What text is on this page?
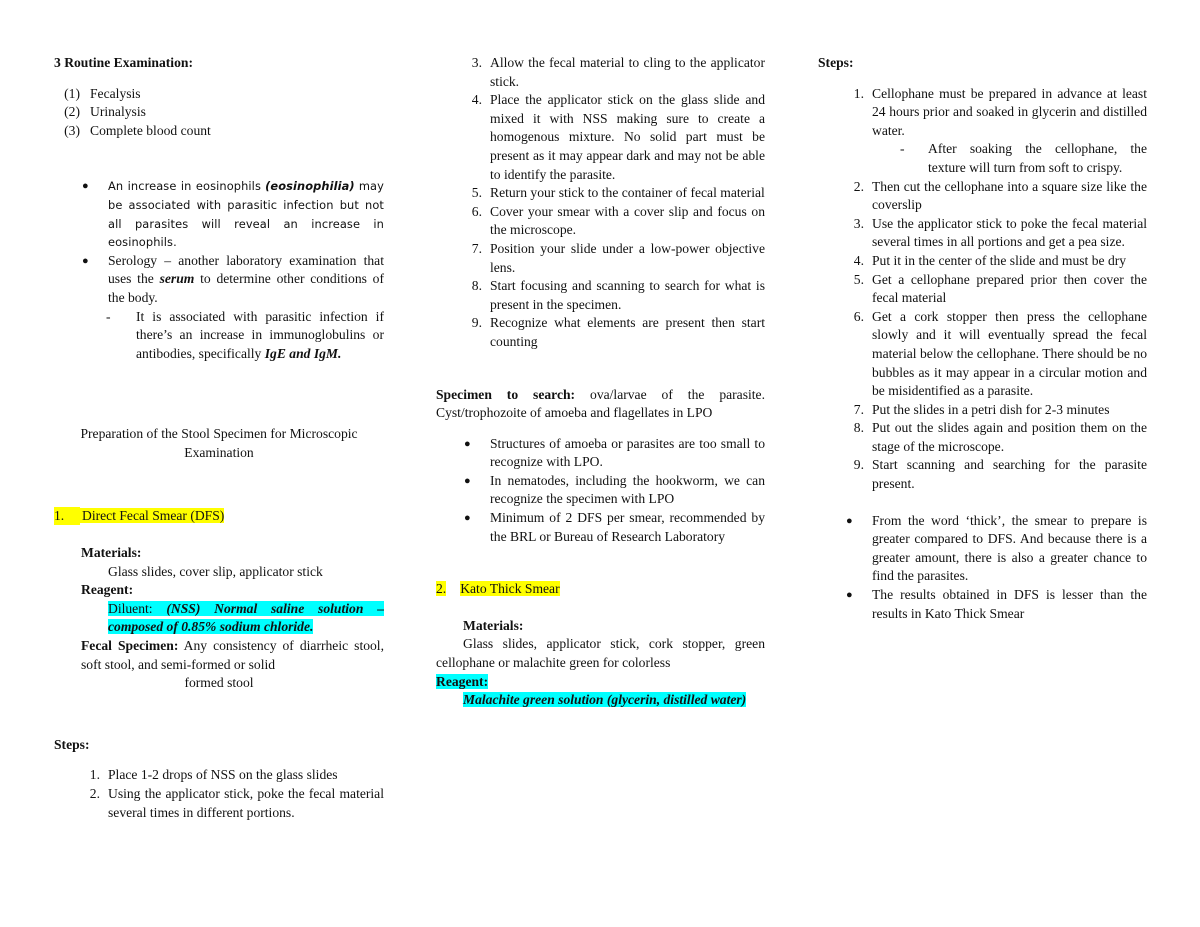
3 Routine Examination:

(1) Fecalysis
(2) Urinalysis
(3) Complete blood count
● An increase in eosinophils (eosinophilia) may be associated with parasitic infection but not all parasites will reveal an increase in eosinophils.
● Serology – another laboratory examination that uses the serum to determine other conditions of the body.
- It is associated with parasitic infection if there’s an increase in immunoglobulins or antibodies, specifically IgE and IgM.

Preparation of the Stool Specimen for Microscopic Examination

1. Direct Fecal Smear (DFS)

Materials:

Glass slides, cover slip, applicator stick

Reagent:

Diluent: (NSS) Normal saline solution – composed of 0.85% sodium chloride.

Fecal Specimen: Any consistency of diarrheic stool, soft stool, and semi-formed or solid

formed stool

Steps:

1. Place 1-2 drops of NSS on the glass slides
2. Using the applicator stick, poke the fecal material several times in different portions.
3. Allow the fecal material to cling to the applicator stick.
4. Place the applicator stick on the glass slide and mixed it with NSS making sure to create a homogenous mixture. No solid part must be present as it may appear dark and may not be able to identify the parasite.
5. Return your stick to the container of fecal material
6. Cover your smear with a cover slip and focus on the microscope.
7. Position your slide under a low-power objective lens.
8. Start focusing and scanning to search for what is present in the specimen.
9. Recognize what elements are present then start counting

Specimen to search: ova/larvae of the parasite. Cyst/trophozoite of amoeba and flagellates in LPO

● Structures of amoeba or parasites are too small to recognize with LPO.
● In nematodes, including the hookworm, we can recognize the specimen with LPO
● Minimum of 2 DFS per smear, recommended by the BRL or Bureau of Research Laboratory

2. Kato Thick Smear

Materials:

Glass slides, applicator stick, cork stopper, green cellophane or malachite green for colorless

Reagent:

Malachite green solution (glycerin, distilled water)

Steps:

1. Cellophane must be prepared in advance at least 24 hours prior and soaked in glycerin and distilled water.
-	After soaking the cellophane, the texture will turn from soft to crispy.
2. Then cut the cellophane into a square size like the coverslip
3. Use the applicator stick to poke the fecal material several times in all portions and get a pea size.
4. Put it in the center of the slide and must be dry
5. Get a cellophane prepared prior then cover the fecal material
6. Get a cork stopper then press the cellophane slowly and it will eventually spread the fecal material below the cellophane. There should be no bubbles as it may appear in a circular motion and be misidentified as a parasite.
7. Put the slides in a petri dish for 2-3 minutes
8. Put out the slides again and position them on the stage of the microscope.
9. Start scanning and searching for the parasite present.
● From the word ‘thick’, the smear to prepare is greater compared to DFS. And because there is a greater amount, there is also a greater chance to find the parasites.
● The results obtained in DFS is lesser than the results in Kato Thick Smear
